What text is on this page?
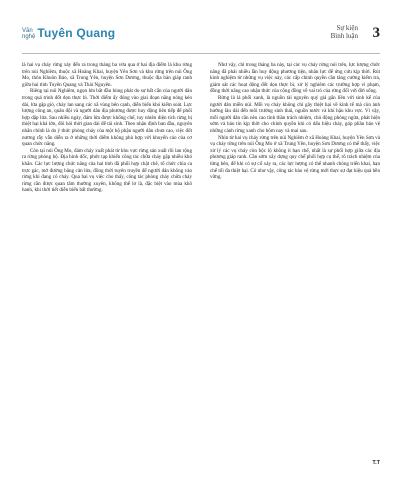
Văn
nghệ Tuyên Quang	Sự kiện
Bình luận 3

là hai vụ cháy rừng xảy đến ra trong tháng ba vừa qua ở hai địa điểm là khu rừng trên núi Nghiêm, thuộc xã Hoàng Khai, huyện Yên Sơn và khu rừng trên núi Ông Mo, thôn Khuôn Bảo, xã Trung Yên, huyện Sơn Dương, thuộc địa bàn giáp ranh giữa hai tỉnh Tuyên Quang và Thái Nguyên.

Riêng tại núi Nghiêm, ngọn lửa bắt đầu bùng phát do sự bất cẩn của người dân trong quá trình đốt dọn thực bì. Thời điểm ấy đúng vào giai đoạn nắng nóng kéo dài, lửa gặp gió, cháy lan sang các xã vùng bên cạnh, diễn biến khó kiểm soát. Lực lượng công an, quân đội và người dân địa phương được huy động liên tiếp để phối hợp dập lửa. Sau nhiều ngày, đám lửa được khống chế, tuy nhiên diện tích rừng bị thiệt hại khá lớn, đòi hỏi thời gian dài để tái sinh. Theo nhận định ban đầu, nguyên nhân chính là do ý thức phòng cháy của một bộ phận người dân chưa cao, việc đốt nương rẫy vẫn diễn ra ở những thời điểm không phù hợp với khuyến cáo của cơ quan chức năng.

Còn tại núi Ông Mo, đám cháy xuất phát từ khu vực rừng sản xuất rồi lan rộng ra rừng phòng hộ. Địa hình dốc, phức tạp khiến công tác chữa cháy gặp nhiều khó khăn. Các lực lượng chức năng của hai tỉnh đã phối hợp chặt chẽ, tổ chức chia ca trực gác, mở đường băng cản lửa, đồng thời tuyên truyền để người dân không vào rừng khi đang có cháy. Qua hai vụ việc cho thấy, công tác phòng cháy chữa cháy rừng cần được quan tâm thường xuyên, không thể lơ là, đặc biệt vào mùa khô hanh, khi thời tiết diễn biến bất thường.

Như vậy, chỉ trong tháng ba này, tại các vụ cháy rừng nói trên, lực lượng chức năng đã phải nhiều lần huy động phương tiện, nhân lực để ứng cứu kịp thời. Rút kinh nghiệm từ những vụ việc này, các cấp chính quyền cần tăng cường kiểm tra, giám sát các hoạt động đốt dọn thực bì, xử lý nghiêm các trường hợp vi phạm, đồng thời nâng cao nhận thức của cộng đồng về vai trò của rừng đối với đời sống.

Rừng là lá phổi xanh, là nguồn tài nguyên quý giá gắn liền với sinh kế của người dân miền núi. Mỗi vụ cháy không chỉ gây thiệt hại về kinh tế mà còn ảnh hưởng lâu dài đến môi trường sinh thái, nguồn nước và khí hậu khu vực. Vì vậy, mỗi người dân cần nêu cao tinh thần trách nhiệm, chủ động phòng ngừa, phát hiện sớm và báo tin kịp thời cho chính quyền khi có dấu hiệu cháy, góp phần bảo vệ những cánh rừng xanh cho hôm nay và mai sau.

Nhìn từ hai vụ cháy rừng trên núi Nghiêm ở xã Hoàng Khai, huyện Yên Sơn và vụ cháy rừng trên núi Ông Mo ở xã Trung Yên, huyện Sơn Dương có thể thấy, việc xử lý các vụ cháy còn bộc lộ không ít hạn chế, nhất là sự phối hợp giữa các địa phương giáp ranh. Cần sớm xây dựng quy chế phối hợp cụ thể, rõ trách nhiệm của từng bên, để khi có sự cố xảy ra, các lực lượng có thể nhanh chóng triển khai, hạn chế tối đa thiệt hại. Có như vậy, công tác bảo vệ rừng mới thực sự đạt hiệu quả bền vững.

T.T
